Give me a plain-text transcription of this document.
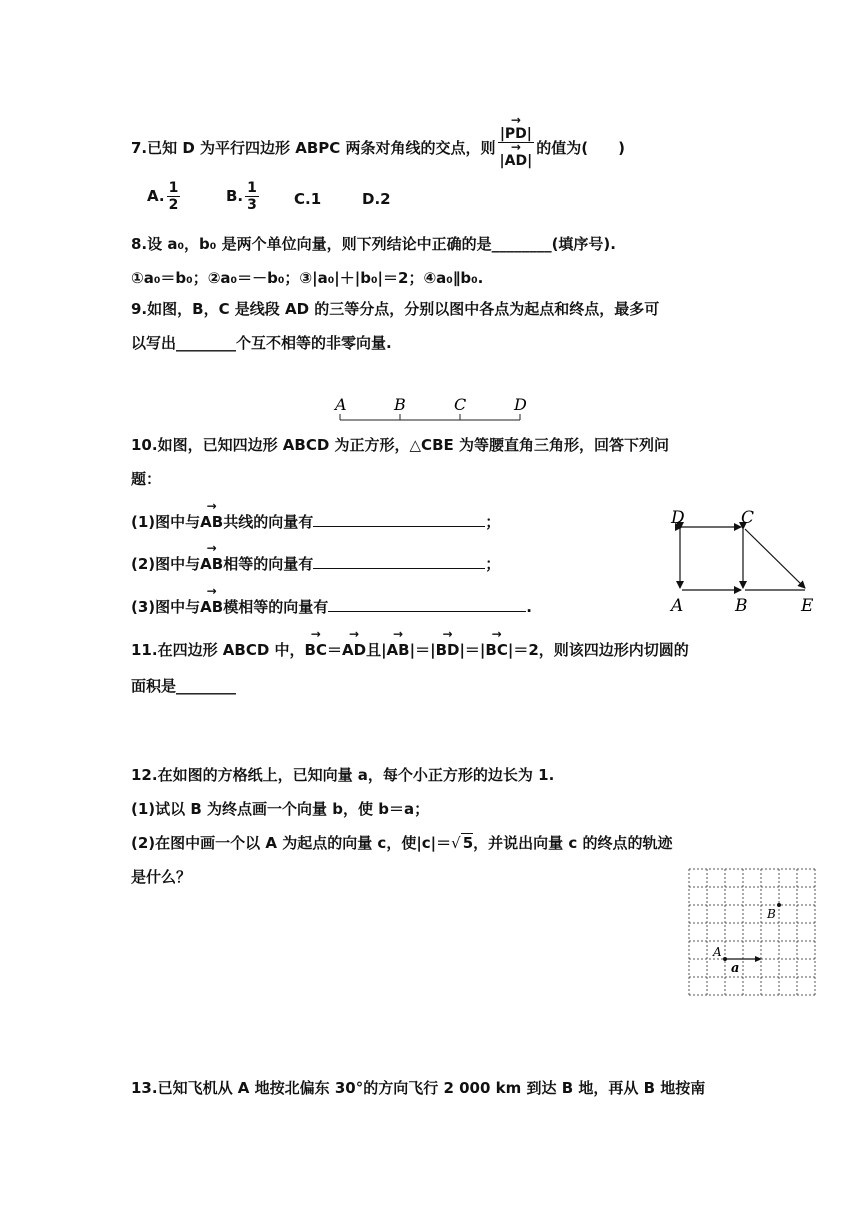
7.已知 D 为平行四边形 ABPC 两条对角线的交点，则
→ |PD|
→ |AD| 的值为(　　)
A. $\frac{1}{2}$	B. $\frac{1}{3} C.1$	D.2
8.设 a₀，b₀ 是两个单位向量，则下列结论中正确的是________(填序号).
①a₀＝b₀；②a₀＝－b₀；③|a₀|＋|b₀|＝2；④a₀∥b₀.
9.如图，B，C 是线段 AD 的三等分点，分别以图中各点为起点和终点，最多可
以写出________个互不相等的非零向量.
A	B	C	D
10.如图，已知四边形 ABCD 为正方形，△CBE 为等腰直角三角形，回答下列问
题：
(1)图中与→ AB共线的向量有	；
(2)图中与→ AB相等的向量有	；
(3)图中与→ AB模相等的向量有	.
D	C
A	B	E
11.在四边形 ABCD 中，→ BC＝→ AD且|→ AB|＝|→ BD|＝|→ BC|＝2，则该四边形内切圆的
面积是________
12.在如图的方格纸上，已知向量 a，每个小正方形的边长为 1.
(1)试以 B 为终点画一个向量 b，使 b＝a；
(2)在图中画一个以 A 为起点的向量 c，使|c|＝√ 5，并说出向量 c 的终点的轨迹
是什么？
A
B
a
13.已知飞机从 A 地按北偏东 30°的方向飞行 2 000 km 到达 B 地，再从 B 地按南
